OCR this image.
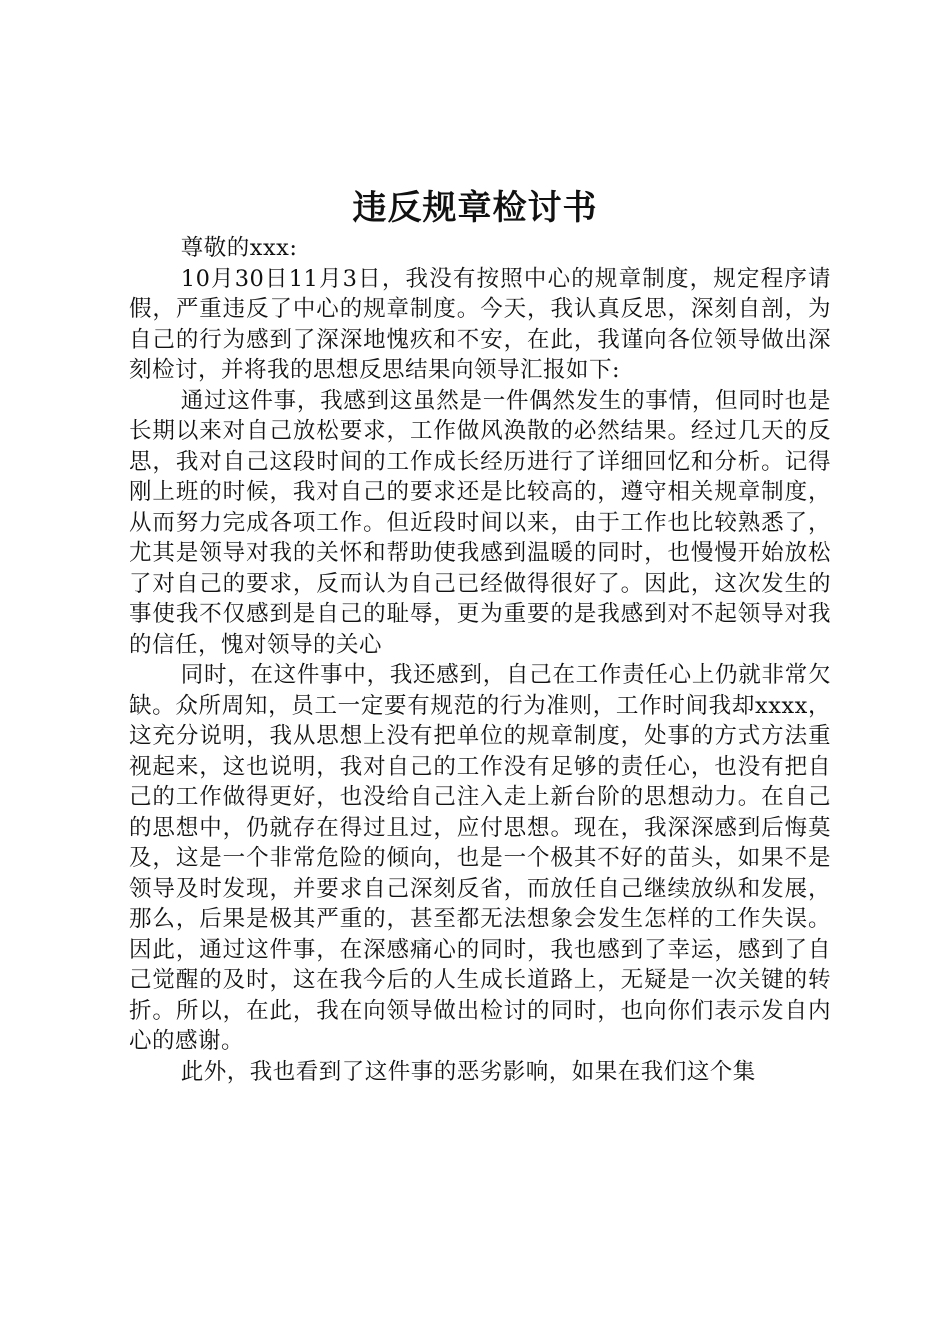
违反规章检讨书

尊敬的xxx:

10月30日11月3日，我没有按照中心的规章制度，规定程序请假，严重违反了中心的规章制度。今天，我认真反思，深刻自剖，为自己的行为感到了深深地愧疚和不安，在此，我谨向各位领导做出深刻检讨，并将我的思想反思结果向领导汇报如下:

通过这件事，我感到这虽然是一件偶然发生的事情，但同时也是长期以来对自己放松要求，工作做风涣散的必然结果。经过几天的反思，我对自己这段时间的工作成长经历进行了详细回忆和分析。记得刚上班的时候，我对自己的要求还是比较高的，遵守相关规章制度，从而努力完成各项工作。但近段时间以来，由于工作也比较熟悉了，尤其是领导对我的关怀和帮助使我感到温暖的同时，也慢慢开始放松了对自己的要求，反而认为自己已经做得很好了。因此，这次发生的事使我不仅感到是自己的耻辱，更为重要的是我感到对不起领导对我的信任，愧对领导的关心

同时，在这件事中，我还感到，自己在工作责任心上仍就非常欠缺。众所周知，员工一定要有规范的行为准则，工作时间我却xxxx，这充分说明，我从思想上没有把单位的规章制度，处事的方式方法重视起来，这也说明，我对自己的工作没有足够的责任心，也没有把自己的工作做得更好，也没给自己注入走上新台阶的思想动力。在自己的思想中，仍就存在得过且过，应付思想。现在，我深深感到后悔莫及，这是一个非常危险的倾向，也是一个极其不好的苗头，如果不是领导及时发现，并要求自己深刻反省，而放任自己继续放纵和发展，那么，后果是极其严重的，甚至都无法想象会发生怎样的工作失误。因此，通过这件事，在深感痛心的同时，我也感到了幸运，感到了自己觉醒的及时，这在我今后的人生成长道路上，无疑是一次关键的转折。所以，在此，我在向领导做出检讨的同时，也向你们表示发自内心的感谢。

此外，我也看到了这件事的恶劣影响，如果在我们这个集
